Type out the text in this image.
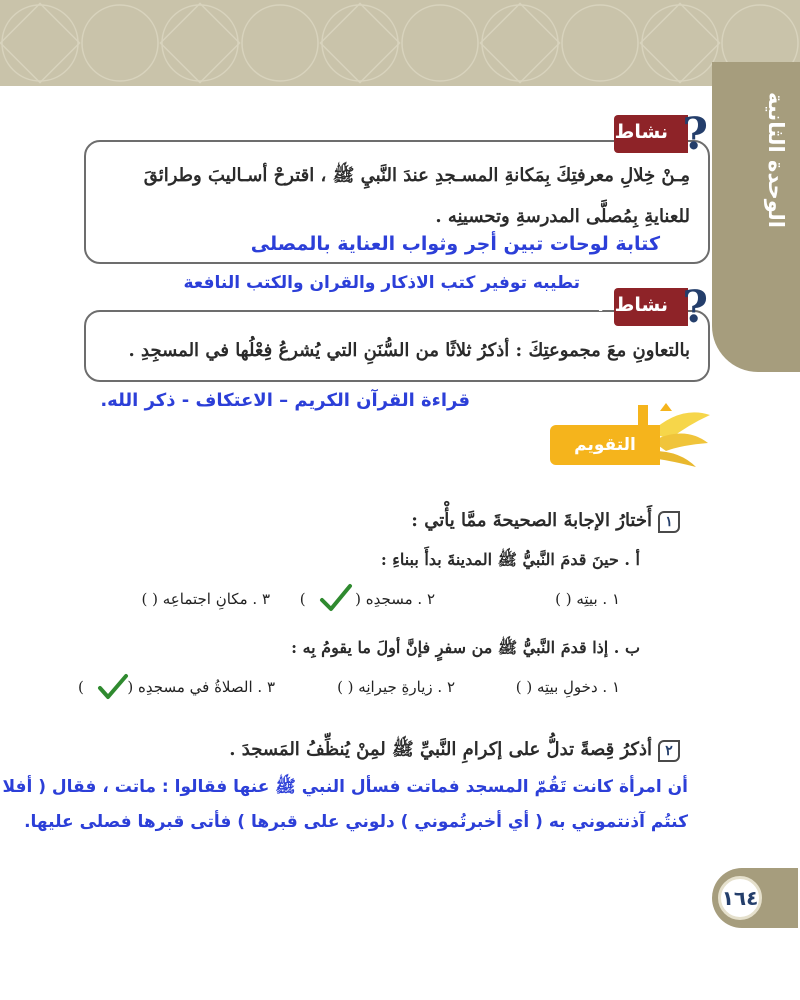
الوحدة الثانية
نشاط ١ ?
مِـنْ خِلالِ معرفتِكَ بِمَكانةِ المسـجدِ عندَ النَّبيِ ﷺ ، اقترحْ أسـاليبَ وطرائقَ
للعنايةِ بِمُصلَّى المدرسةِ وتحسينِه .
كتابة لوحات تبين أجر وثواب العناية بالمصلى
تطيبه توفير كتب الاذكار والقران والكتب النافعة
نشاط ٢ ?
بالتعاونِ معَ مجموعتِكَ : أذكرُ ثلاثًا من السُّنَنِ التي يُشرعُ فِعْلُها في المسجِدِ .
قراءة القرآن الكريم – الاعتكاف - ذكر الله.
التقويم
١أَختارُ الإجابةَ الصحيحةَ ممَّا يأْتي :
أ . حينَ قدمَ النَّبيُّ ﷺ المدينةَ بدأَ ببناءِ :
١ . بيتِه ( )
٢ . مسجدِه (  )
٣ . مكانِ اجتماعِه ( )
ب . إذا قدمَ النَّبيُّ ﷺ من سفرٍ فإنَّ أولَ ما يقومُ بِه :
١ . دخولِ بيتِه ( )
٢ . زيارةِ جيرانِه ( )
٣ . الصلاةُ في مسجدِه (  )
٢أذكرُ قِصةً تدلُّ على إكرامِ النَّبيِّ ﷺ لمِنْ يُنظِّفُ المَسجدَ .
أن امرأة كانت تَقُمّ المسجد فماتت فسأل النبي ﷺ عنها فقالوا : ماتت ، فقال ( أفلا
كنتُم آذنتموني به ( أي أخبرتُموني ) دلوني على قبرها ) فأتى قبرها فصلى عليها.
١٦٤
